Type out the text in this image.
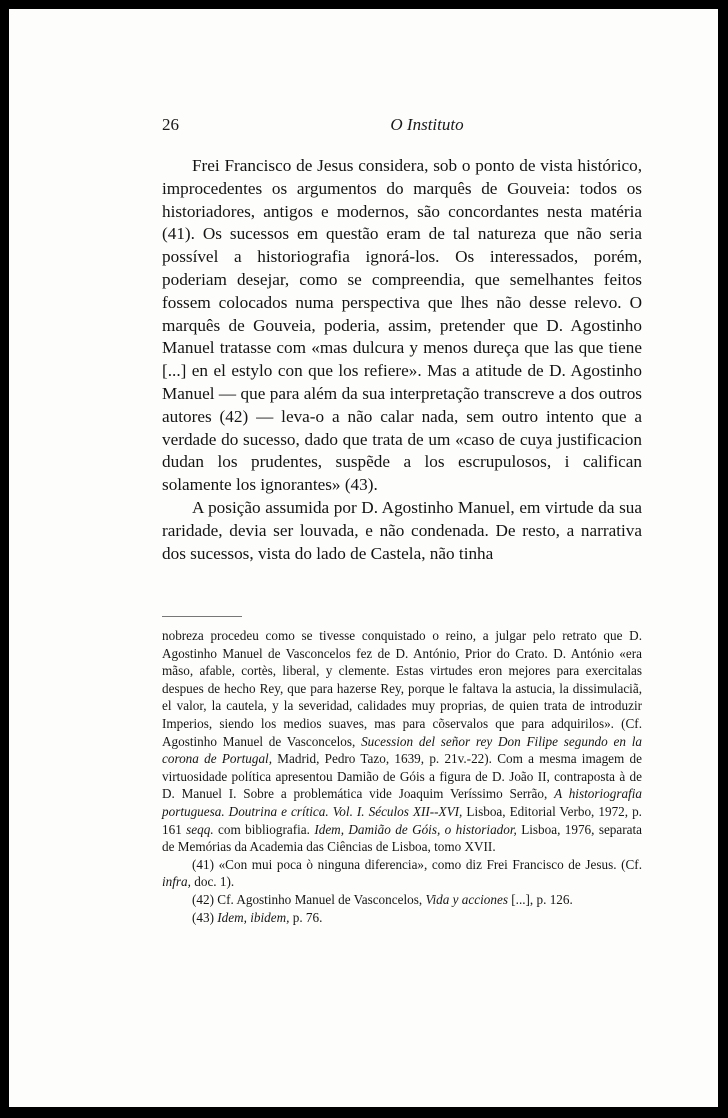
26	O Instituto

Frei Francisco de Jesus considera, sob o ponto de vista histórico, improcedentes os argumentos do marquês de Gouveia: todos os historiadores, antigos e modernos, são concordantes nesta matéria (41). Os sucessos em questão eram de tal natureza que não seria possível a historiografia ignorá-los. Os interessados, porém, poderiam desejar, como se compreendia, que semelhantes feitos fossem colocados numa perspectiva que lhes não desse relevo. O marquês de Gouveia, poderia, assim, pretender que D. Agostinho Manuel tratasse com «mas dulcura y menos dureça que las que tiene [...] en el estylo con que los refiere». Mas a atitude de D. Agostinho Manuel — que para além da sua interpretação transcreve a dos outros autores (42) — leva-o a não calar nada, sem outro intento que a verdade do sucesso, dado que trata de um «caso de cuya justificacion dudan los prudentes, suspẽde a los escrupulosos, i califican solamente los ignorantes» (43).

A posição assumida por D. Agostinho Manuel, em virtude da sua raridade, devia ser louvada, e não condenada. De resto, a narrativa dos sucessos, vista do lado de Castela, não tinha

nobreza procedeu como se tivesse conquistado o reino, a julgar pelo retrato que D. Agostinho Manuel de Vasconcelos fez de D. António, Prior do Crato. D. António «era mãso, afable, cortès, liberal, y clemente. Estas virtudes eron mejores para exercitalas despues de hecho Rey, que para hazerse Rey, porque le faltava la astucia, la dissimulaciã, el valor, la cautela, y la severidad, calidades muy proprias, de quien trata de introduzir Imperios, siendo los medios suaves, mas para cõservalos que para adquirilos». (Cf. Agostinho Manuel de Vasconcelos, Sucession del señor rey Don Filipe segundo en la corona de Portugal, Madrid, Pedro Tazo, 1639, p. 21v.-22). Com a mesma imagem de virtuosidade política apresentou Damião de Góis a figura de D. João II, contraposta à de D. Manuel I. Sobre a problemática vide Joaquim Veríssimo Serrão, A historiografia portuguesa. Doutrina e crítica. Vol. I. Séculos XII--XVI, Lisboa, Editorial Verbo, 1972, p. 161 seqq. com bibliografia. Idem, Damião de Góis, o historiador, Lisboa, 1976, separata de Memórias da Academia das Ciências de Lisboa, tomo XVII.

(41) «Con mui poca ò ninguna diferencia», como diz Frei Francisco de Jesus. (Cf. infra, doc. 1).

(42) Cf. Agostinho Manuel de Vasconcelos, Vida y acciones [...], p. 126.

(43) Idem, ibidem, p. 76.
